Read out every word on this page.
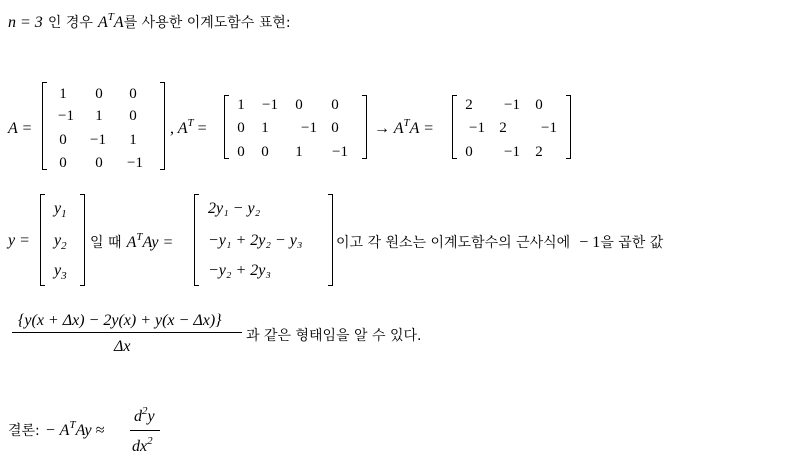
n = 3 인 경우 $A^TA$를 사용한 이계도함수 표현:
A =
1	0	0
−1	1	0
0	−1	1
0	0	−1
, $A^T$ =
1	−1	0	0
0	1	−1 0
0	0	1	−1
→ $A^TA$ =
2	−1	0
−1 2	−1
0	−1	2
y =
$y_1$
$y_2$
$y_3$
일 때 $A^TAy$ =
2y₁ − y₂
−y₁ + 2y₂ − y₃
−y₂ + 2y₃
이고 각 원소는 이계도함수의 근사식에 − 1을 곱한 값
{y(x + Δx) − 2y(x) + y(x − Δx)}
Δx
과 같은 형태임을 알 수 있다.
결론: − $A^TAy$ ≈
$d^2y$
$dx^2$
